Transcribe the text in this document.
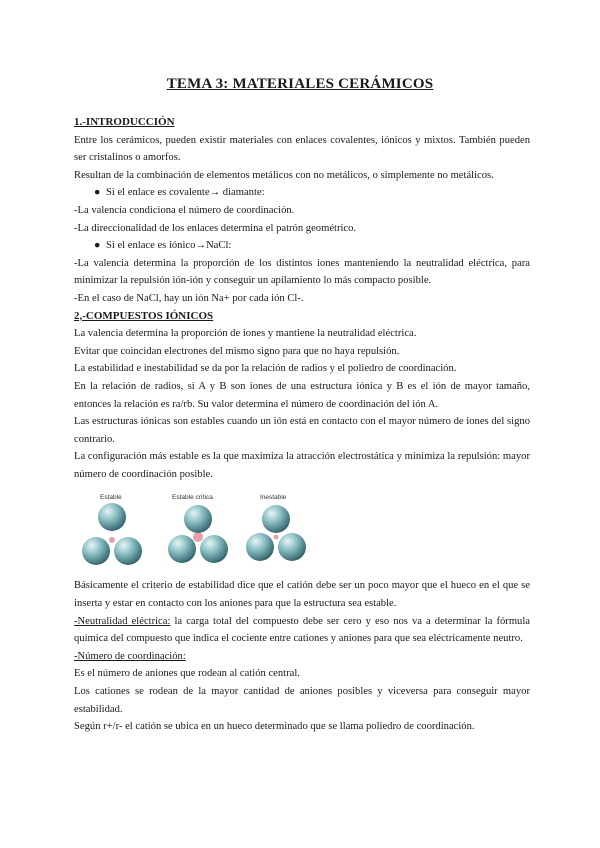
TEMA 3: MATERIALES CERÁMICOS

1.-INTRODUCCIÓN

Entre los cerámicos, pueden existir materiales con enlaces covalentes, iónicos y mixtos. También pueden ser cristalinos o amorfos.

Resultan de la combinación de elementos metálicos con no metálicos, o simplemente no metálicos.

● Si el enlace es covalente→ diamante:

-La valencia condiciona el número de coordinación.

-La direccionalidad de los enlaces determina el patrón geométrico.

● Si el enlace es iónico→NaCl:

-La valencia determina la proporción de los distintos iones manteniendo la neutralidad eléctrica, para minimizar la repulsión ión-ión y conseguir un apilamiento lo más compacto posible.

-En el caso de NaCl, hay un ión Na+ por cada ión Cl-.

2,-COMPUESTOS IÓNICOS

La valencia determina la proporción de iones y mantiene la neutralidad eléctrica.

Evitar que coincidan electrones del mismo signo para que no haya repulsión.

La estabilidad e inestabilidad se da por la relación de radios y el poliedro de coordinación.

En la relación de radios, si A y B son iones de una estructura iónica y B es el ión de mayor tamaño, entonces la relación es ra/rb. Su valor determina el número de coordinación del ión A.

Las estructuras iónicas son estables cuando un ión está en contacto con el mayor número de iones del signo contrario.

La configuración más estable es la que maximiza la atracción electrostática y minimiza la repulsión: mayor número de coordinación posible.

Estable	Estable crítica	Inestable

Básicamente el criterio de estabilidad dice que el catión debe ser un poco mayor que el hueco en el que se inserta y estar en contacto con los aniones para que la estructura sea estable.

-Neutralidad eléctrica: la carga total del compuesto debe ser cero y eso nos va a determinar la fórmula química del compuesto que indica el cociente entre cationes y aniones para que sea eléctricamente neutro.

-Número de coordinación:

Es el número de aniones que rodean al catión central.

Los cationes se rodean de la mayor cantidad de aniones posibles y viceversa para conseguir mayor estabilidad.

Según r+/r- el catión se ubica en un hueco determinado que se llama poliedro de coordinación.
